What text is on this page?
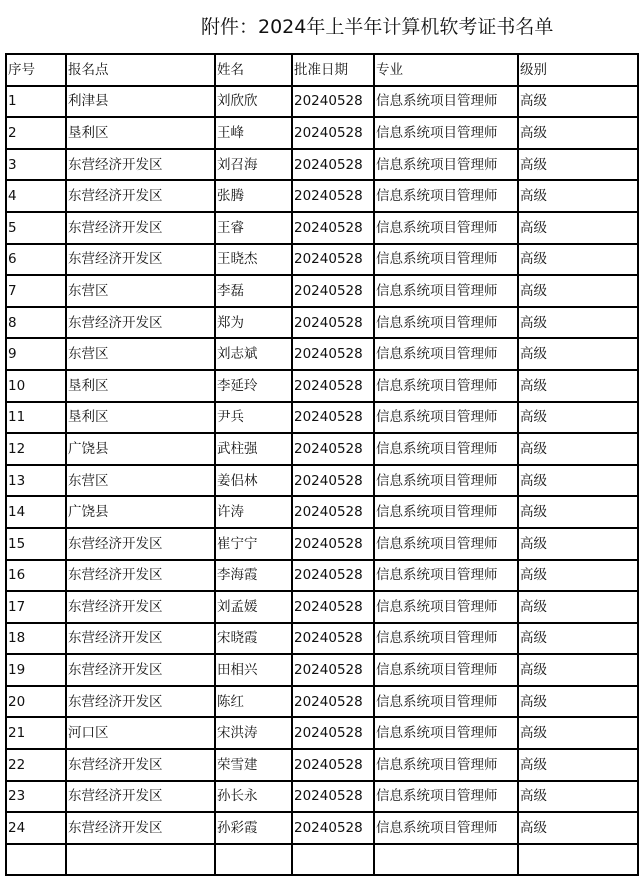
附件：2024年上半年计算机软考证书名单
序号	报名点	姓名	批准日期	专业	级别
1	利津县	刘欣欣	20240528	信息系统项目管理师	高级
2	垦利区	王峰	20240528	信息系统项目管理师	高级
3	东营经济开发区	刘召海	20240528	信息系统项目管理师	高级
4	东营经济开发区	张腾	20240528	信息系统项目管理师	高级
5	东营经济开发区	王睿	20240528	信息系统项目管理师	高级
6	东营经济开发区	王晓杰	20240528	信息系统项目管理师	高级
7	东营区	李磊	20240528	信息系统项目管理师	高级
8	东营经济开发区	郑为	20240528	信息系统项目管理师	高级
9	东营区	刘志斌	20240528	信息系统项目管理师	高级
10	垦利区	李延玲	20240528	信息系统项目管理师	高级
11	垦利区	尹兵	20240528	信息系统项目管理师	高级
12	广饶县	武柱强	20240528	信息系统项目管理师	高级
13	东营区	姜侣林	20240528	信息系统项目管理师	高级
14	广饶县	许涛	20240528	信息系统项目管理师	高级
15	东营经济开发区	崔宁宁	20240528	信息系统项目管理师	高级
16	东营经济开发区	李海霞	20240528	信息系统项目管理师	高级
17	东营经济开发区	刘孟媛	20240528	信息系统项目管理师	高级
18	东营经济开发区	宋晓霞	20240528	信息系统项目管理师	高级
19	东营经济开发区	田相兴	20240528	信息系统项目管理师	高级
20	东营经济开发区	陈红	20240528	信息系统项目管理师	高级
21	河口区	宋洪涛	20240528	信息系统项目管理师	高级
22	东营经济开发区	荣雪建	20240528	信息系统项目管理师	高级
23	东营经济开发区	孙长永	20240528	信息系统项目管理师	高级
24	东营经济开发区	孙彩霞	20240528	信息系统项目管理师	高级
